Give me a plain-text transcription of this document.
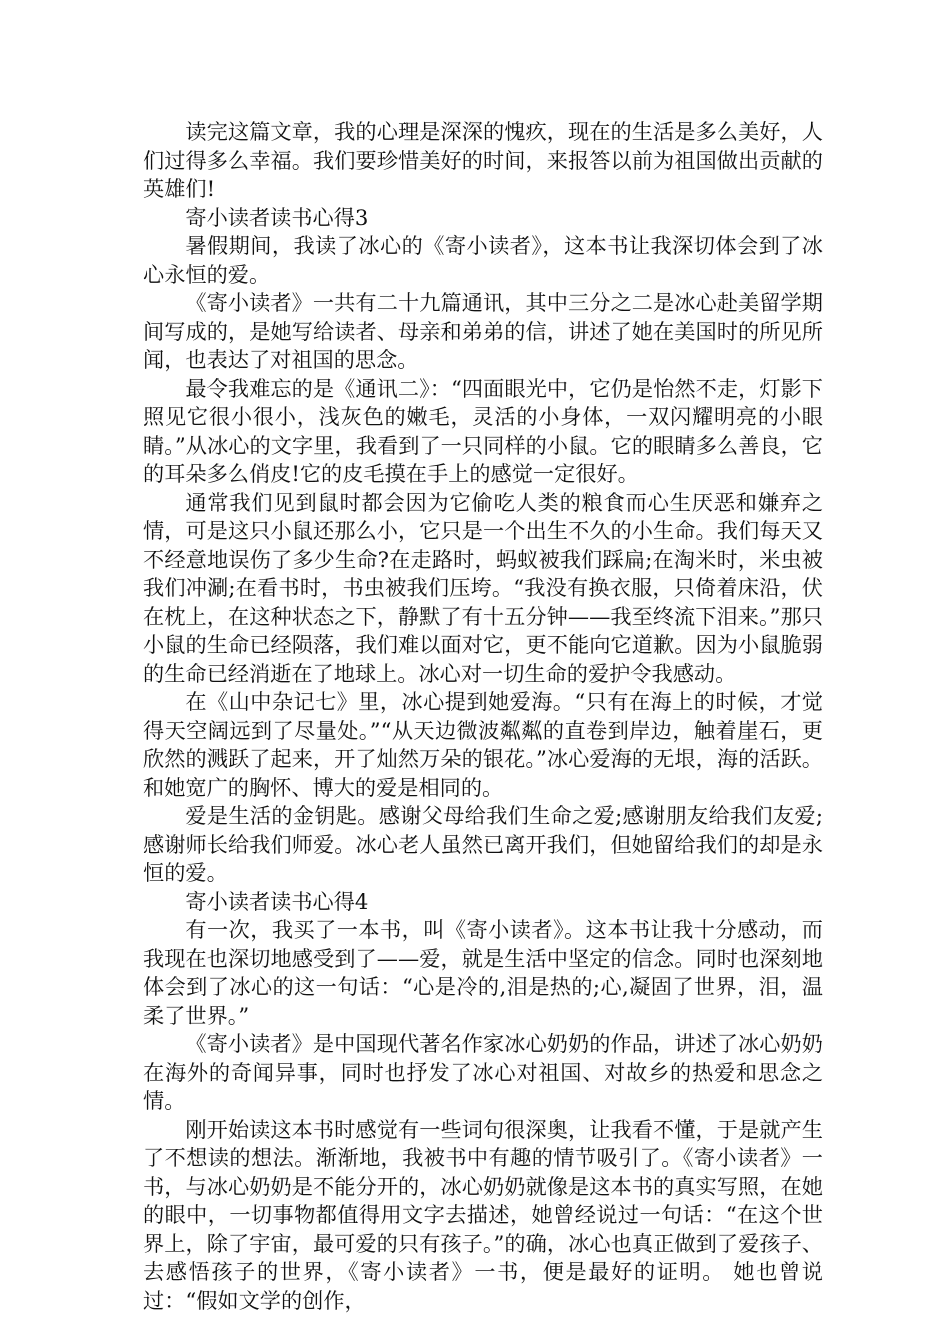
读完这篇文章，我的心理是深深的愧疚，现在的生活是多么美好，人们过得多么幸福。我们要珍惜美好的时间，来报答以前为祖国做出贡献的英雄们!

寄小读者读书心得3

暑假期间，我读了冰心的《寄小读者》，这本书让我深切体会到了冰心永恒的爱。

《寄小读者》一共有二十九篇通讯，其中三分之二是冰心赴美留学期间写成的，是她写给读者、母亲和弟弟的信，讲述了她在美国时的所见所闻，也表达了对祖国的思念。

最令我难忘的是《通讯二》：“四面眼光中，它仍是怡然不走，灯影下照见它很小很小，浅灰色的嫩毛，灵活的小身体，一双闪耀明亮的小眼睛。”从冰心的文字里，我看到了一只同样的小鼠。它的眼睛多么善良，它的耳朵多么俏皮!它的皮毛摸在手上的感觉一定很好。

通常我们见到鼠时都会因为它偷吃人类的粮食而心生厌恶和嫌弃之情，可是这只小鼠还那么小，它只是一个出生不久的小生命。我们每天又不经意地误伤了多少生命?在走路时，蚂蚁被我们踩扁;在淘米时，米虫被我们冲涮;在看书时，书虫被我们压垮。“我没有换衣服，只倚着床沿，伏在枕上，在这种状态之下，静默了有十五分钟——我至终流下泪来。”那只小鼠的生命已经陨落，我们难以面对它，更不能向它道歉。因为小鼠脆弱的生命已经消逝在了地球上。冰心对一切生命的爱护令我感动。

在《山中杂记七》里，冰心提到她爱海。“只有在海上的时候，才觉得天空阔远到了尽量处。”“从天边微波粼粼的直卷到岸边，触着崖石，更欣然的溅跃了起来，开了灿然万朵的银花。”冰心爱海的无垠，海的活跃。和她宽广的胸怀、博大的爱是相同的。

爱是生活的金钥匙。感谢父母给我们生命之爱;感谢朋友给我们友爱;感谢师长给我们师爱。冰心老人虽然已离开我们，但她留给我们的却是永恒的爱。

寄小读者读书心得4

有一次，我买了一本书，叫《寄小读者》。这本书让我十分感动，而我现在也深切地感受到了——爱，就是生活中坚定的信念。同时也深刻地体会到了冰心的这一句话：“心是冷的,泪是热的;心,凝固了世界，泪，温柔了世界。”

《寄小读者》是中国现代著名作家冰心奶奶的作品，讲述了冰心奶奶在海外的奇闻异事，同时也抒发了冰心对祖国、对故乡的热爱和思念之情。

刚开始读这本书时感觉有一些词句很深奥，让我看不懂，于是就产生了不想读的想法。渐渐地，我被书中有趣的情节吸引了。《寄小读者》一书，与冰心奶奶是不能分开的，冰心奶奶就像是这本书的真实写照，在她的眼中，一切事物都值得用文字去描述，她曾经说过一句话：“在这个世界上，除了宇宙，最可爱的只有孩子。”的确，冰心也真正做到了爱孩子、去感悟孩子的世界，《寄小读者》一书，便是最好的证明。 她也曾说过：“假如文学的创作，
